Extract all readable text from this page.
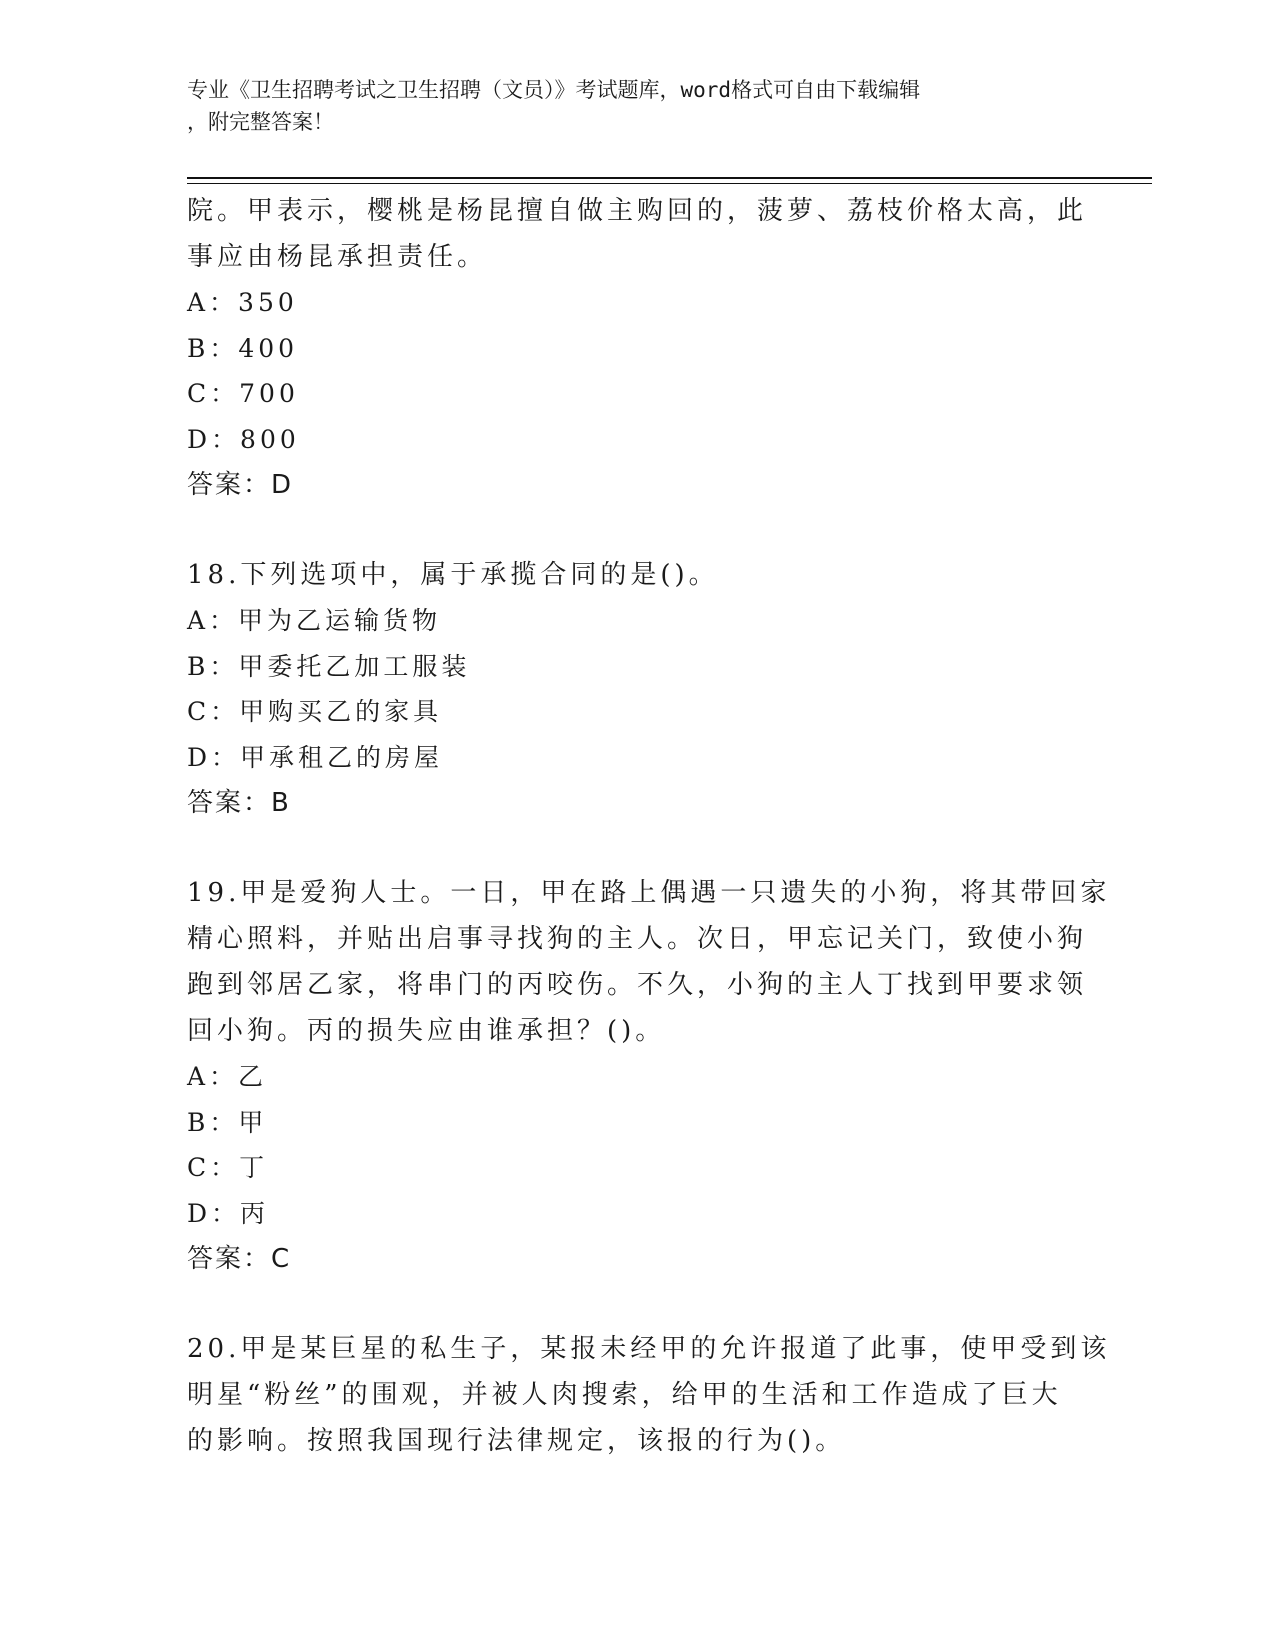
专业《卫生招聘考试之卫生招聘（文员）》考试题库，word格式可自由下载编辑
，附完整答案！
院。甲表示，樱桃是杨昆擅自做主购回的，菠萝、荔枝价格太高，此
事应由杨昆承担责任。
A：350
B：400
C：700
D：800
答案：D
18.下列选项中，属于承揽合同的是()。
A：甲为乙运输货物
B：甲委托乙加工服装
C：甲购买乙的家具
D：甲承租乙的房屋
答案：B
19.甲是爱狗人士。一日，甲在路上偶遇一只遗失的小狗，将其带回家
精心照料，并贴出启事寻找狗的主人。次日，甲忘记关门，致使小狗
跑到邻居乙家，将串门的丙咬伤。不久，小狗的主人丁找到甲要求领
回小狗。丙的损失应由谁承担？()。
A：乙
B：甲
C：丁
D：丙
答案：C
20.甲是某巨星的私生子，某报未经甲的允许报道了此事，使甲受到该
明星“粉丝”的围观，并被人肉搜索，给甲的生活和工作造成了巨大
的影响。按照我国现行法律规定，该报的行为()。
